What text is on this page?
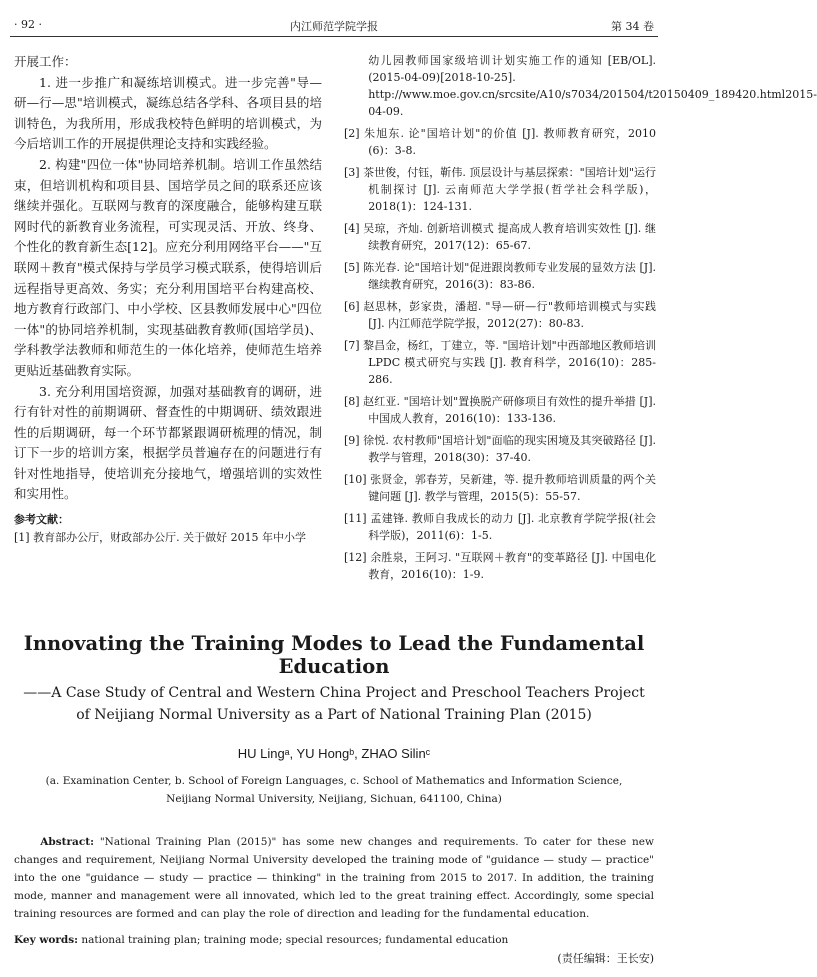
· 92 ·	内江师范学院学报	第 34 卷

开展工作：

1. 进一步推广和凝练培训模式。进一步完善"导—研—行—思"培训模式，凝练总结各学科、各项目县的培训特色，为我所用，形成我校特色鲜明的培训模式，为今后培训工作的开展提供理论支持和实践经验。

2. 构建"四位一体"协同培养机制。培训工作虽然结束，但培训机构和项目县、国培学员之间的联系还应该继续并强化。互联网与教育的深度融合，能够构建互联网时代的新教育业务流程，可实现灵活、开放、终身、个性化的教育新生态[12]。应充分利用网络平台——"互联网＋教育"模式保持与学员学习模式联系，使得培训后远程指导更高效、务实；充分利用国培平台构建高校、地方教育行政部门、中小学校、区县教师发展中心"四位一体"的协同培养机制，实现基础教育教师(国培学员)、学科教学法教师和师范生的一体化培养，使师范生培养更贴近基础教育实际。

3. 充分利用国培资源，加强对基础教育的调研，进行有针对性的前期调研、督查性的中期调研、绩效跟进性的后期调研，每一个环节都紧跟调研梳理的情况，制订下一步的培训方案，根据学员普遍存在的问题进行有针对性地指导，使培训充分接地气，增强培训的实效性和实用性。

参考文献：

[1] 教育部办公厅，财政部办公厅. 关于做好 2015 年中小学

幼儿园教师国家级培训计划实施工作的通知 [EB/OL]. (2015-04-09)[2018-10-25]. http://www.moe.gov.cn/srcsite/A10/s7034/201504/t20150409_189420.html2015-04-09.

[2] 朱旭东. 论"国培计划"的价值 [J]. 教师教育研究，2010 (6)：3-8.

[3] 茶世俊，付钰，靳伟. 顶层设计与基层探索："国培计划"运行机制探讨 [J]. 云南师范大学学报(哲学社会科学版)，2018(1)：124-131.

[4] 吴琼，齐灿. 创新培训模式 提高成人教育培训实效性 [J]. 继续教育研究，2017(12)：65-67.

[5] 陈光春. 论"国培计划"促进跟岗教师专业发展的显效方法 [J]. 继续教育研究，2016(3)：83-86.

[6] 赵思林，彭家贵，潘超. "导—研—行"教师培训模式与实践 [J]. 内江师范学院学报，2012(27)：80-83.

[7] 黎昌金，杨红，丁建立，等. "国培计划"中西部地区教师培训 LPDC 模式研究与实践 [J]. 教育科学，2016(10)：285-286.

[8] 赵红亚. "国培计划"置换脱产研修项目有效性的提升举措 [J]. 中国成人教育，2016(10)：133-136.

[9] 徐悦. 农村教师"国培计划"面临的现实困境及其突破路径 [J]. 教学与管理，2018(30)：37-40.

[10] 张贤金，郭春芳，吴新建，等. 提升教师培训质量的两个关键问题 [J]. 教学与管理，2015(5)：55-57.

[11] 孟建锋. 教师自我成长的动力 [J]. 北京教育学院学报(社会科学版)，2011(6)：1-5.

[12] 余胜泉，王阿习. "互联网＋教育"的变革路径 [J]. 中国电化教育，2016(10)：1-9.

Innovating the Training Modes to Lead the Fundamental Education
——A Case Study of Central and Western China Project and Preschool Teachers Project
of Neijiang Normal University as a Part of National Training Plan (2015)
HU Lingᵃ, YU Hongᵇ, ZHAO Silinᶜ
(a. Examination Center, b. School of Foreign Languages, c. School of Mathematics and Information Science,
Neijiang Normal University, Neijiang, Sichuan, 641100, China)
Abstract: "National Training Plan (2015)" has some new changes and requirements. To cater for these new changes and requirement, Neijiang Normal University developed the training mode of "guidance — study — practice" into the one "guidance — study — practice — thinking" in the training from 2015 to 2017. In addition, the training mode, manner and management were all innovated, which led to the great training effect. Accordingly, some special training resources are formed and can play the role of direction and leading for the fundamental education.
Key words: national training plan; training mode; special resources; fundamental education
(责任编辑：王长安)
